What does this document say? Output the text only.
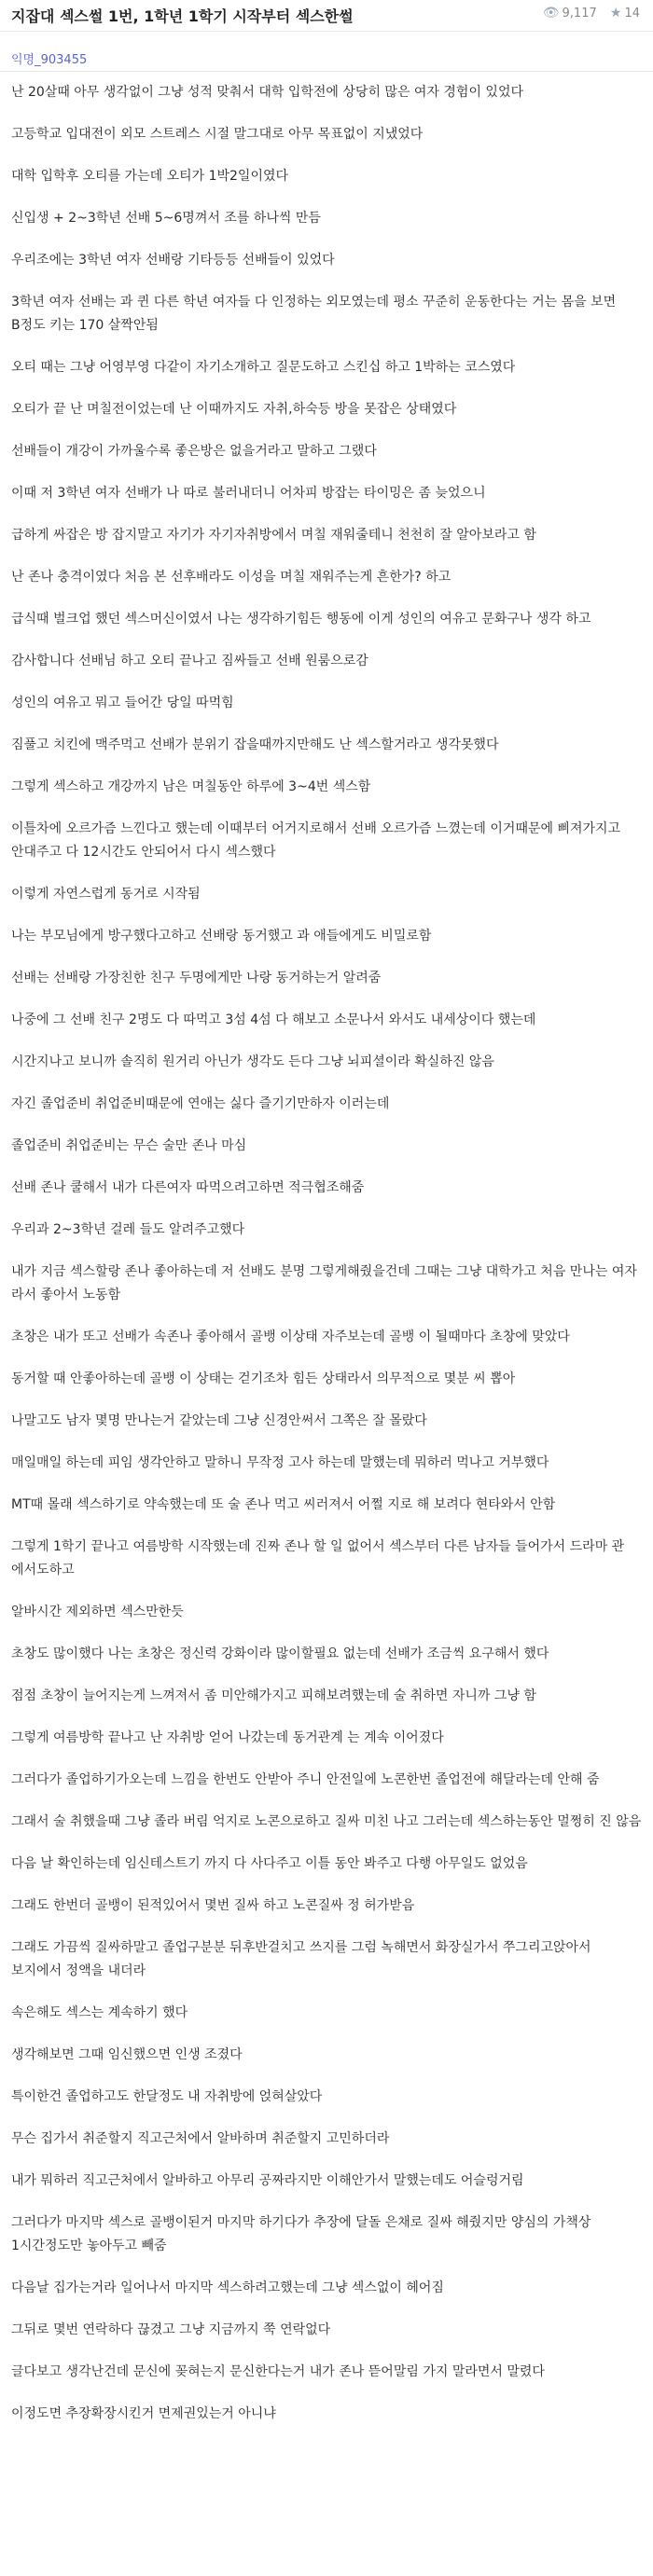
지잡대 섹스썰 1번, 1학년 1학기 시작부터 섹스한썰	👁 9,117 ★ 14
익명_903455
난 20살때 아무 생각없이 그냥 성적 맞춰서 대학 입학전에 상당히 많은 여자 경험이 있었다
고등학교 입대전이 외모 스트레스 시절 말그대로 아무 목표없이 지냈었다
대학 입학후 오티를 가는데 오티가 1박2일이였다
신입생 + 2~3학년 선배 5~6명껴서 조를 하나씩 만듬
우리조에는 3학년 여자 선배랑 기타등등 선배들이 있었다
3학년 여자 선배는 과 퀸 다른 학년 여자들 다 인정하는 외모였는데 평소 꾸준히 운동한다는 거는 몸을 보면 B정도 키는 170 살짝안됨
오티 때는 그냥 어영부영 다같이 자기소개하고 질문도하고 스킨십 하고 1박하는 코스였다
오티가 끝 난 며칠전이었는데 난 이때까지도 자취,하숙등 방을 못잡은 상태였다
선배들이 개강이 가까울수록 좋은방은 없을거라고 말하고 그랬다
이때 저 3학년 여자 선배가 나 따로 불러내더니 어차피 방잡는 타이밍은 좀 늦었으니
급하게 싸잡은 방 잡지말고 자기가 자기자취방에서 며칠 재워줄테니 천천히 잘 알아보라고 함
난 존나 충격이였다 처음 본 선후배라도 이성을 며칠 재워주는게 흔한가? 하고
급식때 벌크업 했던 섹스머신이였서 나는 생각하기힘든 행동에 이게 성인의 여유고 문화구나 생각 하고
감사합니다 선배님 하고 오티 끝나고 짐싸들고 선배 원룸으로감
성인의 여유고 뭐고 들어간 당일 따먹힘
짐풀고 치킨에 맥주먹고 선배가 분위기 잡을때까지만해도 난 섹스할거라고 생각못했다
그렇게 섹스하고 개강까지 남은 며칠동안 하루에 3~4번 섹스함
이틀차에 오르가즘 느낀다고 했는데 이때부터 어거지로해서 선배 오르가즘 느꼈는데 이거때문에 삐져가지고 안대주고 다 12시간도 안되어서 다시 섹스했다
이렇게 자연스럽게 동거로 시작됨
나는 부모님에게 방구했다고하고 선배랑 동거했고 과 애들에게도 비밀로함
선배는 선배랑 가장친한 친구 두명에게만 나랑 동거하는거 알려줌
나중에 그 선배 친구 2명도 다 따먹고 3섬 4섬 다 해보고 소문나서 와서도 내세상이다 했는데
시간지나고 보니까 솔직히 원거리 아닌가 생각도 든다 그냥 뇌피셜이라 확실하진 않음
자긴 졸업준비 취업준비때문에 연애는 싫다 즐기기만하자 이러는데
졸업준비 취업준비는 무슨 술만 존나 마심
선배 존나 쿨해서 내가 다른여자 따먹으려고하면 적극협조해줌
우리과 2~3학년 걸레 들도 알려주고했다
내가 지금 섹스할랑 존나 좋아하는데 저 선배도 분명 그렇게해줬을건데 그때는 그냥 대학가고 처음 만나는 여자 라서 좋아서 노동함
초창은 내가 또고 선배가 속존나 좋아해서 골뱅 이상태 자주보는데 골뱅 이 될때마다 초창에 맞았다
동거할 때 안좋아하는데 골뱅 이 상태는 걷기조차 힘든 상태라서 의무적으로 몇분 씨 뽑아
나말고도 남자 몇명 만나는거 같았는데 그냥 신경안써서 그쪽은 잘 몰랐다
매일매일 하는데 피임 생각안하고 말하니 무작정 고사 하는데 말했는데 뭐하러 먹나고 거부했다
MT때 몰래 섹스하기로 약속했는데 또 술 존나 먹고 씨러져서 어쩔 지로 해 보려다 현타와서 안함
그렇게 1학기 끝나고 여름방학 시작했는데 진짜 존나 할 일 없어서 섹스부터 다른 남자들 들어가서 드라마 관 에서도하고
알바시간 제외하면 섹스만한듯
초창도 많이했다 나는 초창은 정신력 강화이라 많이할필요 없는데 선배가 조금씩 요구해서 했다
점점 초창이 늘어지는게 느껴져서 좀 미안해가지고 피해보려했는데 술 취하면 자니까 그냥 함
그렇게 여름방학 끝나고 난 자취방 얻어 나갔는데 동거관계 는 계속 이어졌다
그러다가 졸업하기가오는데 느낌을 한번도 안받아 주니 안전일에 노콘한번 졸업전에 해달라는데 안해 줌
그래서 술 취했을때 그냥 졸라 버림 억지로 노콘으로하고 질싸 미친 나고 그러는데 섹스하는동안 멀쩡히 진 않음
다음 날 확인하는데 임신테스트기 까지 다 사다주고 이틀 동안 봐주고 다행 아무일도 없었음
그래도 한번더 골뱅이 된적있어서 몇번 질싸 하고 노콘질싸 정 허가받음
그래도 가끔씩 질싸하말고 졸업구분분 뒤후반걸치고 쓰지를 그럼 녹해면서 화장실가서 쭈그리고앉아서 보지에서 정액을 내더라
속은해도 섹스는 계속하기 했다
생각해보면 그때 임신했으면 인생 조졌다
특이한건 졸업하고도 한달정도 내 자취방에 얹혀살았다
무슨 집가서 취준할지 직고근처에서 알바하며 취준할지 고민하더라
내가 뭐하러 직고근처에서 알바하고 아무리 공짜라지만 이해안가서 말했는데도 어슬렁거림
그러다가 마지막 섹스로 골뱅이된거 마지막 하기다가 추장에 달돌 은채로 질싸 해줬지만 양심의 가책상 1시간정도만 놓아두고 빼줌
다음날 집가는거라 일어나서 마지막 섹스하려고했는데 그냥 섹스없이 헤어짐
그뒤로 몇번 연락하다 끊겼고 그냥 지금까지 쭉 연락없다
글다보고 생각난건데 문신에 꽂혀는지 문신한다는거 내가 존나 뜯어말림 가지 말라면서 말렸다
이정도면 추장확장시킨거 면제권있는거 아니냐
